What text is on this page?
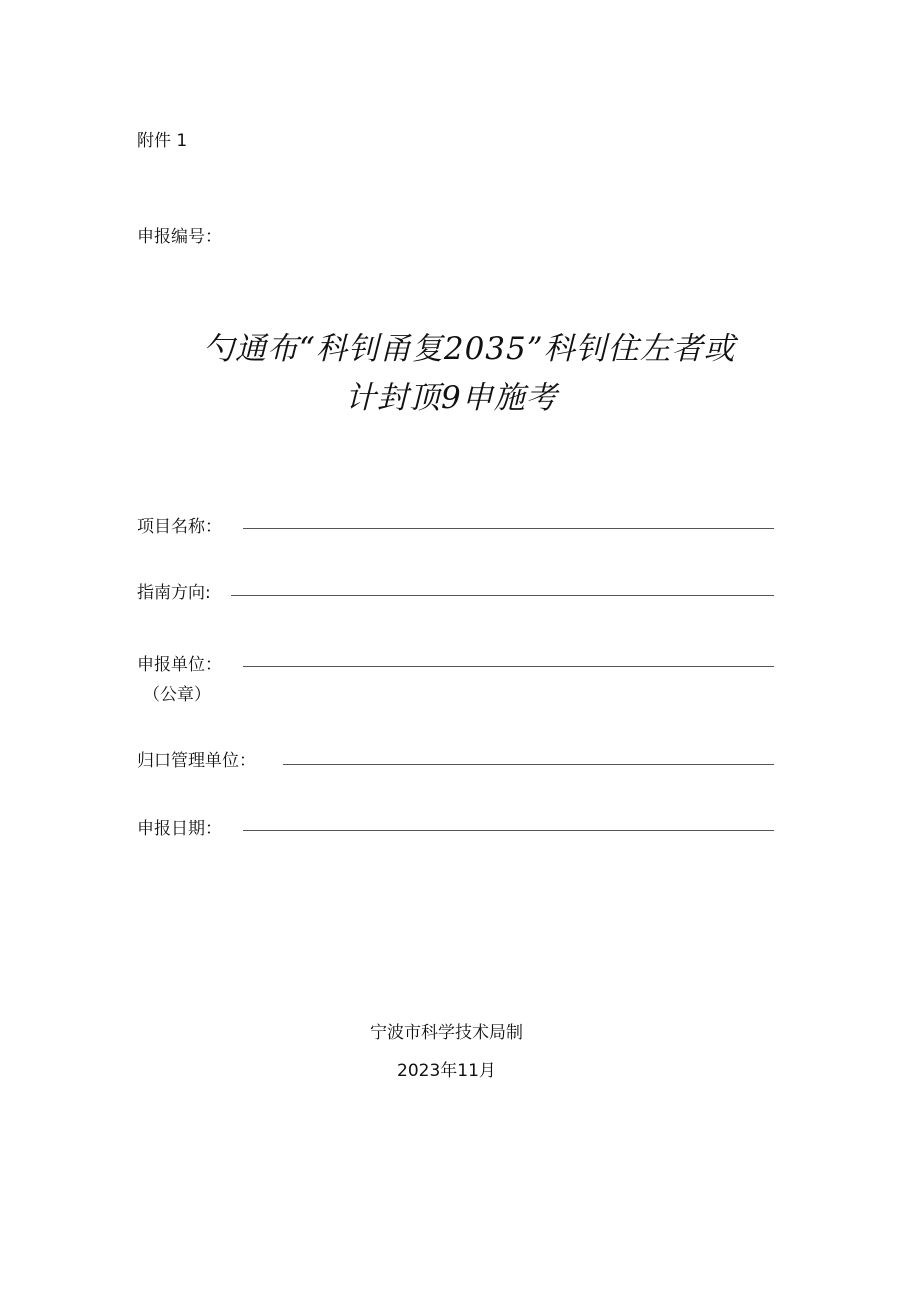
附件 1
申报编号：
勺通布“科钊甬复2035”科钊住左者或
计封顶9申施考
项目名称：
指南方向:
申报单位：
（公章）
归口管理单位：
申报日期：
宁波市科学技术局制
2023年11月
